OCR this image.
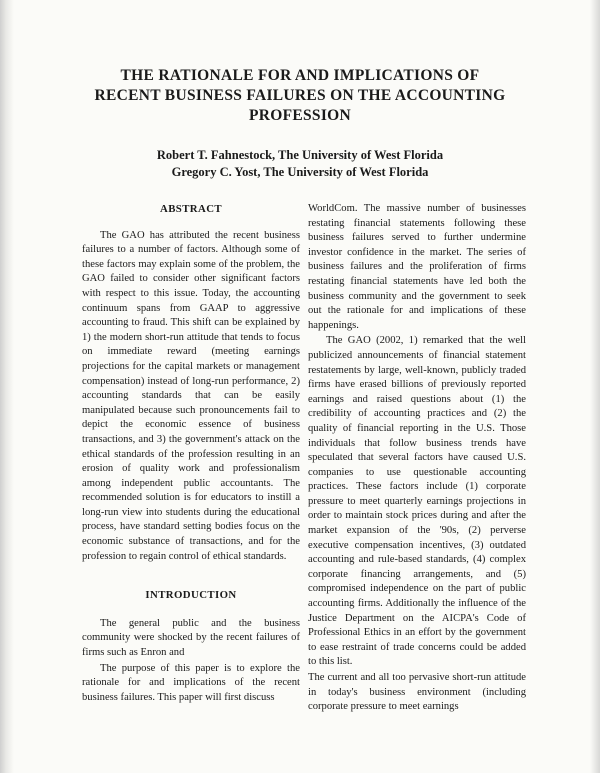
THE RATIONALE FOR AND IMPLICATIONS OF
RECENT BUSINESS FAILURES ON THE ACCOUNTING
PROFESSION
Robert T. Fahnestock, The University of West Florida
Gregory C. Yost, The University of West Florida
ABSTRACT

The GAO has attributed the recent business failures to a number of factors. Although some of these factors may explain some of the problem, the GAO failed to consider other significant factors with respect to this issue. Today, the accounting continuum spans from GAAP to aggressive accounting to fraud. This shift can be explained by 1) the modern short-run attitude that tends to focus on immediate reward (meeting earnings projections for the capital markets or management compensation) instead of long-run performance, 2) accounting standards that can be easily manipulated because such pronouncements fail to depict the economic essence of business transactions, and 3) the government's attack on the ethical standards of the profession resulting in an erosion of quality work and professionalism among independent public accountants. The recommended solution is for educators to instill a long-run view into students during the educational process, have standard setting bodies focus on the economic substance of transactions, and for the profession to regain control of ethical standards.

INTRODUCTION

The general public and the business community were shocked by the recent failures of firms such as Enron and

The purpose of this paper is to explore the rationale for and implications of the recent business failures. This paper will first discuss

WorldCom. The massive number of businesses restating financial statements following these business failures served to further undermine investor confidence in the market. The series of business failures and the proliferation of firms restating financial statements have led both the business community and the government to seek out the rationale for and implications of these happenings.

The GAO (2002, 1) remarked that the well publicized announcements of financial statement restatements by large, well-known, publicly traded firms have erased billions of previously reported earnings and raised questions about (1) the credibility of accounting practices and (2) the quality of financial reporting in the U.S. Those individuals that follow business trends have speculated that several factors have caused U.S. companies to use questionable accounting practices. These factors include (1) corporate pressure to meet quarterly earnings projections in order to maintain stock prices during and after the market expansion of the '90s, (2) perverse executive compensation incentives, (3) outdated accounting and rule-based standards, (4) complex corporate financing arrangements, and (5) compromised independence on the part of public accounting firms. Additionally the influence of the Justice Department on the AICPA's Code of Professional Ethics in an effort by the government to ease restraint of trade concerns could be added to this list.

The current and all too pervasive short-run attitude in today's business environment (including corporate pressure to meet earnings
